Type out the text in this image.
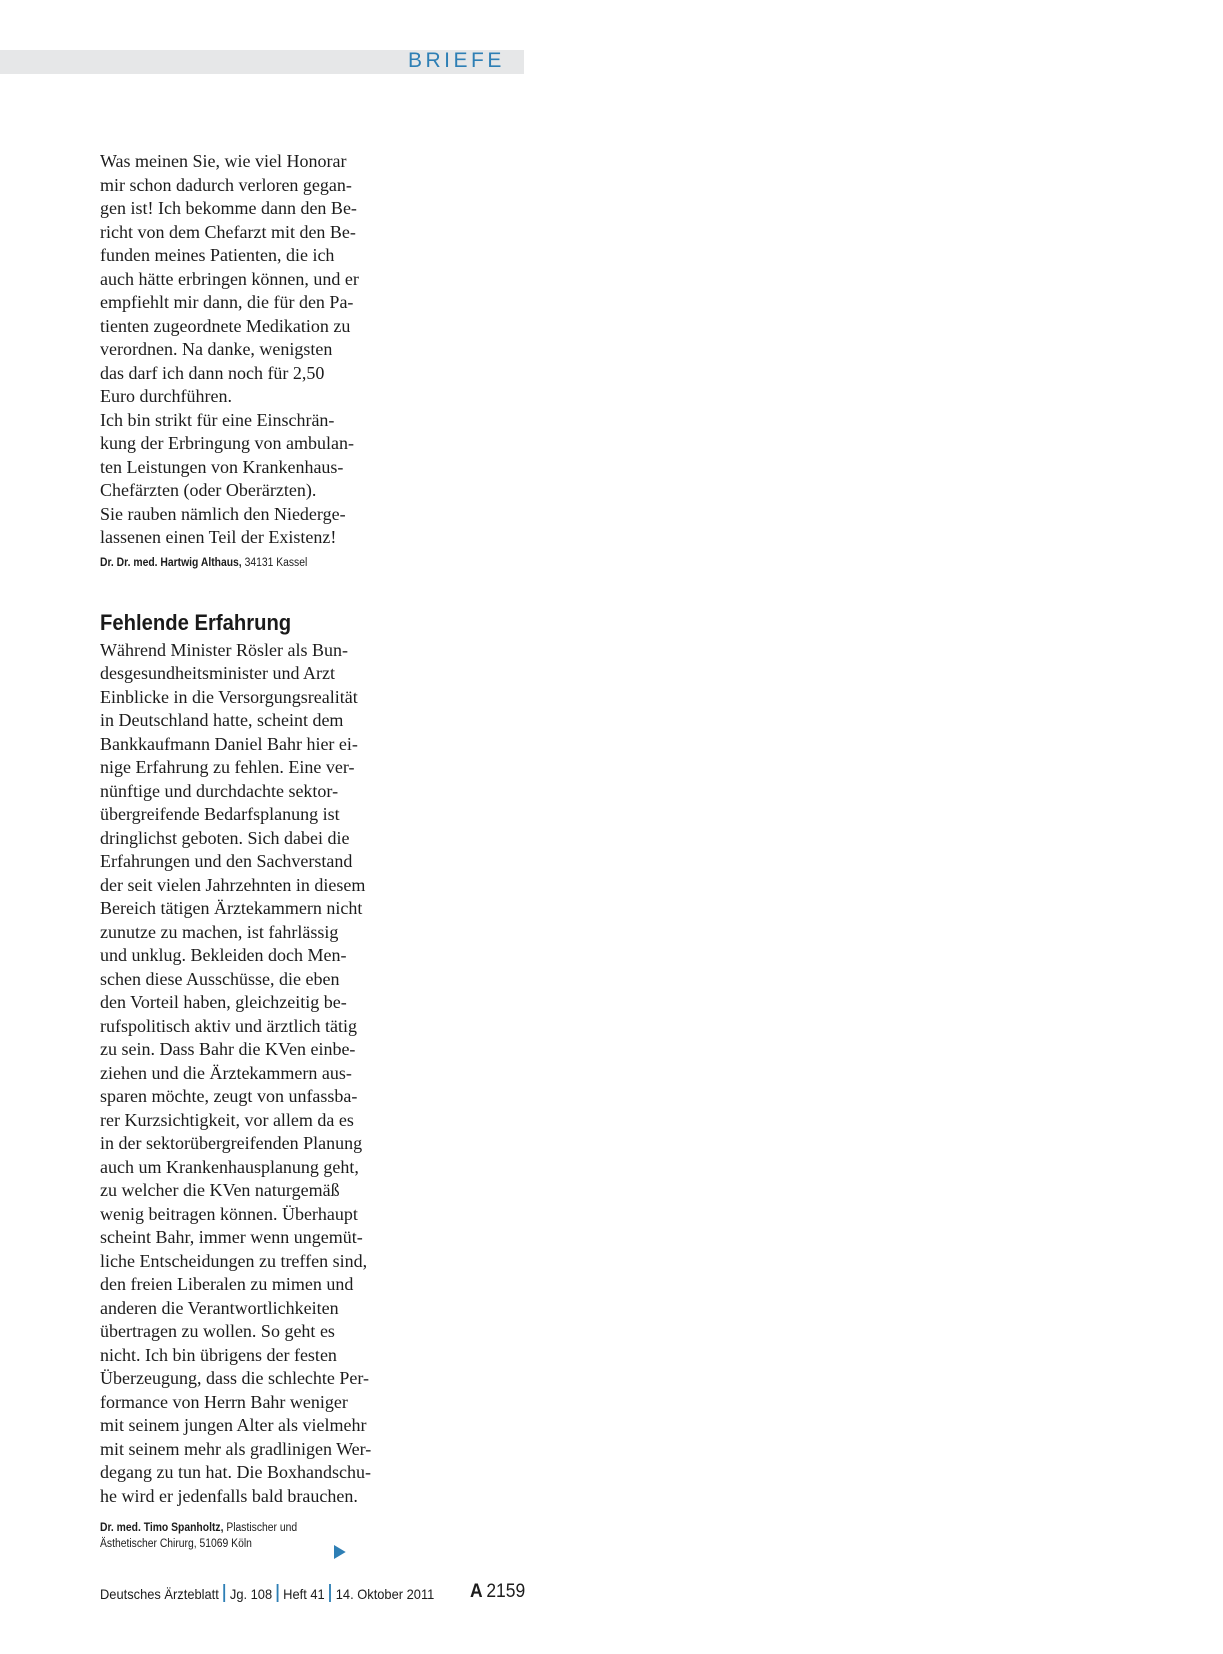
BRIEFE
Was meinen Sie, wie viel Honorar
mir schon dadurch verloren gegan-
gen ist! Ich bekomme dann den Be-
richt von dem Chefarzt mit den Be-
funden meines Patienten, die ich
auch hätte erbringen können, und er
empfiehlt mir dann, die für den Pa-
tienten zugeordnete Medikation zu
verordnen. Na danke, wenigsten
das darf ich dann noch für 2,50
Euro durchführen.
Ich bin strikt für eine Einschrän-
kung der Erbringung von ambulan-
ten Leistungen von Krankenhaus-
Chefärzten (oder Oberärzten).
Sie rauben nämlich den Niederge-
lassenen einen Teil der Existenz!
Dr. Dr. med. Hartwig Althaus, 34131 Kassel
Fehlende Erfahrung
Während Minister Rösler als Bun-
desgesundheitsminister und Arzt
Einblicke in die Versorgungsrealität
in Deutschland hatte, scheint dem
Bankkaufmann Daniel Bahr hier ei-
nige Erfahrung zu fehlen. Eine ver-
nünftige und durchdachte sektor-
übergreifende Bedarfsplanung ist
dringlichst geboten. Sich dabei die
Erfahrungen und den Sachverstand
der seit vielen Jahrzehnten in diesem
Bereich tätigen Ärztekammern nicht
zunutze zu machen, ist fahrlässig
und unklug. Bekleiden doch Men-
schen diese Ausschüsse, die eben
den Vorteil haben, gleichzeitig be-
rufspolitisch aktiv und ärztlich tätig
zu sein. Dass Bahr die KVen einbe-
ziehen und die Ärztekammern aus-
sparen möchte, zeugt von unfassba-
rer Kurzsichtigkeit, vor allem da es
in der sektorübergreifenden Planung
auch um Krankenhausplanung geht,
zu welcher die KVen naturgemäß
wenig beitragen können. Überhaupt
scheint Bahr, immer wenn ungemüt-
liche Entscheidungen zu treffen sind,
den freien Liberalen zu mimen und
anderen die Verantwortlichkeiten
übertragen zu wollen. So geht es
nicht. Ich bin übrigens der festen
Überzeugung, dass die schlechte Per-
formance von Herrn Bahr weniger
mit seinem jungen Alter als vielmehr
mit seinem mehr als gradlinigen Wer-
degang zu tun hat. Die Boxhandschu-
he wird er jedenfalls bald brauchen.
Dr. med. Timo Spanholtz, Plastischer und
Ästhetischer Chirurg, 51069 Köln
Deutsches Ärzteblatt Jg. 108 Heft 41 14. Oktober 2011 A 2159
